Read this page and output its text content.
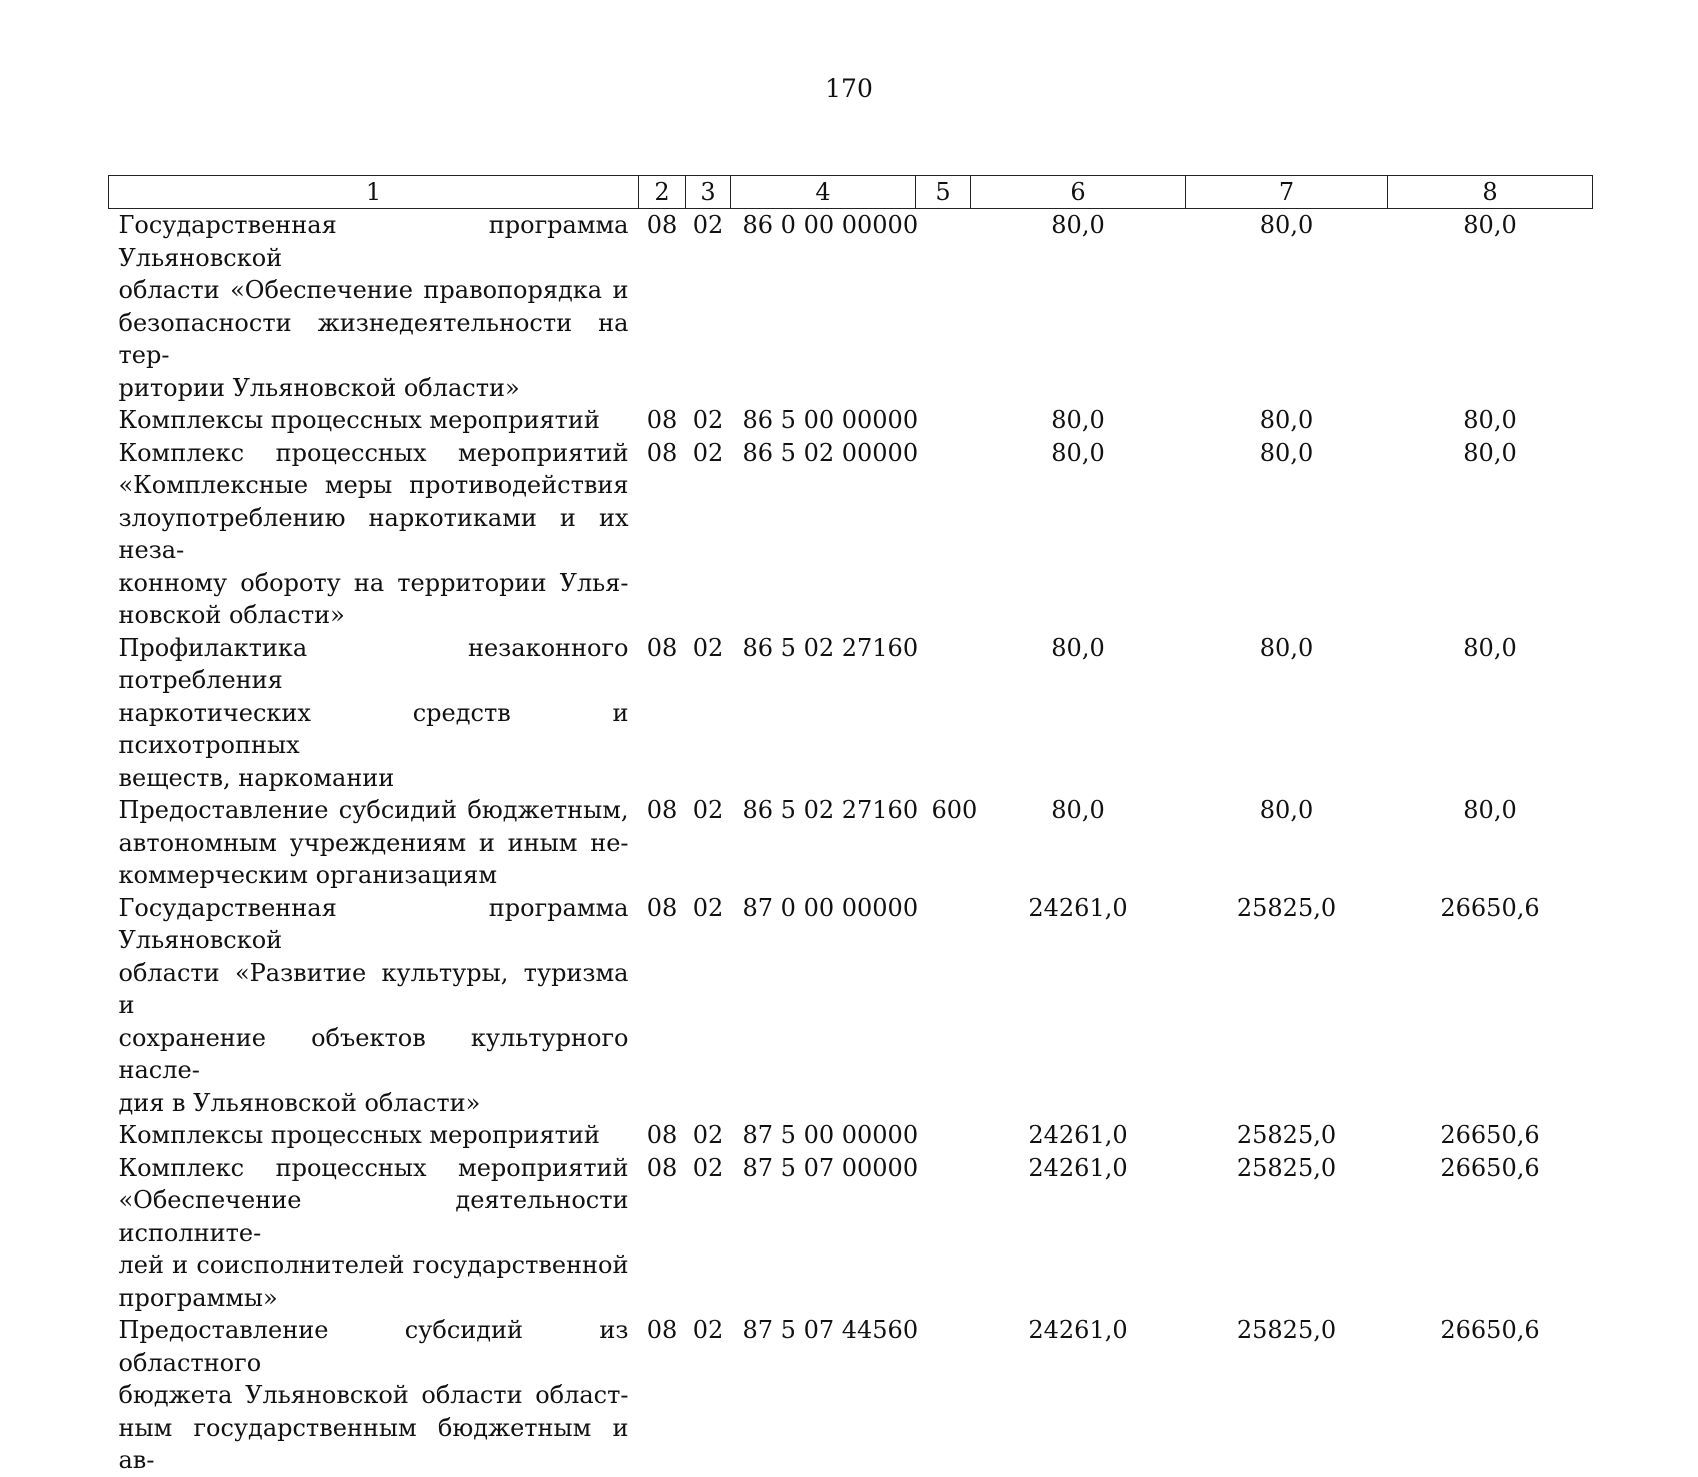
170
1	2	3	4	5	6	7	8

Государственная программа Ульяновской
области «Обеспечение правопорядка и
безопасности жизнедеятельности на тер-
ритории Ульяновской области»	08	02	86 0 00 00000		80,0	80,0	80,0

Комплексы процессных мероприятий	08	02	86 5 00 00000		80,0	80,0	80,0

Комплекс процессных мероприятий
«Комплексные меры противодействия
злоупотреблению наркотиками и их неза-
конному обороту на территории Улья-
новской области»	08	02	86 5 02 00000		80,0	80,0	80,0

Профилактика незаконного потребления
наркотических средств и психотропных
веществ, наркомании	08	02	86 5 02 27160		80,0	80,0	80,0

Предоставление субсидий бюджетным,
автономным учреждениям и иным не-
коммерческим организациям	08	02	86 5 02 27160	600	80,0	80,0	80,0

Государственная программа Ульяновской
области «Развитие культуры, туризма и
сохранение объектов культурного насле-
дия в Ульяновской области»	08	02	87 0 00 00000		24261,0	25825,0	26650,6

Комплексы процессных мероприятий	08	02	87 5 00 00000		24261,0	25825,0	26650,6

Комплекс процессных мероприятий
«Обеспечение деятельности исполните-
лей и соисполнителей государственной
программы»	08	02	87 5 07 00000		24261,0	25825,0	26650,6

Предоставление субсидий из областного
бюджета Ульяновской области област-
ным государственным бюджетным и ав-	08	02	87 5 07 44560		24261,0	25825,0	26650,6
